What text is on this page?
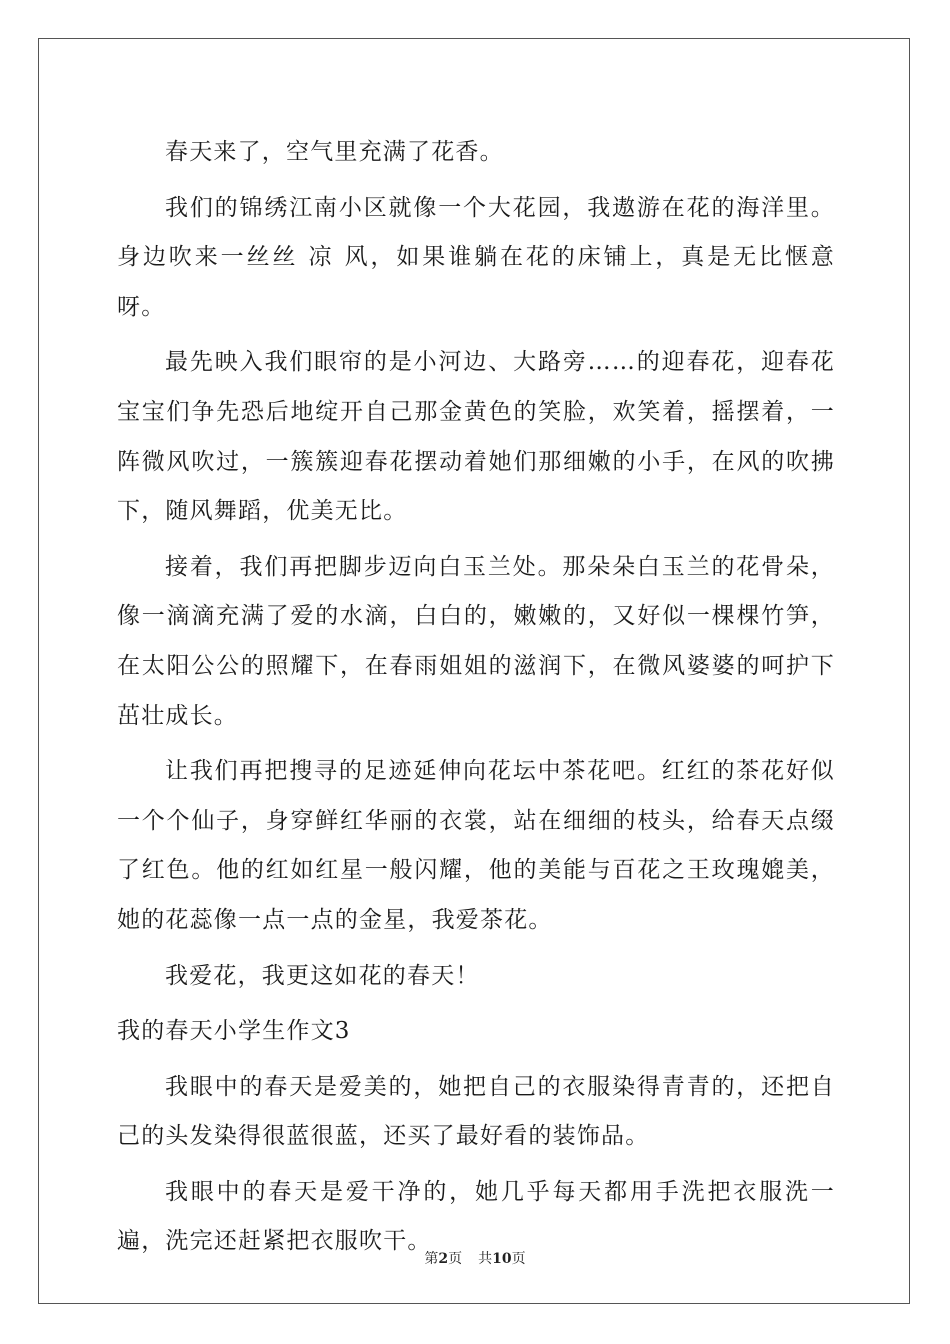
春天来了，空气里充满了花香。

我们的锦绣江南小区就像一个大花园，我遨游在花的海洋里。身边吹来一丝丝 凉 风，如果谁躺在花的床铺上，真是无比惬意呀。

最先映入我们眼帘的是小河边、大路旁……的迎春花，迎春花宝宝们争先恐后地绽开自己那金黄色的笑脸，欢笑着，摇摆着，一阵微风吹过，一簇簇迎春花摆动着她们那细嫩的小手，在风的吹拂下，随风舞蹈，优美无比。

接着，我们再把脚步迈向白玉兰处。那朵朵白玉兰的花骨朵，像一滴滴充满了爱的水滴，白白的，嫩嫩的，又好似一棵棵竹笋，在太阳公公的照耀下，在春雨姐姐的滋润下，在微风婆婆的呵护下茁壮成长。

让我们再把搜寻的足迹延伸向花坛中茶花吧。红红的茶花好似一个个仙子，身穿鲜红华丽的衣裳，站在细细的枝头，给春天点缀了红色。他的红如红星一般闪耀，他的美能与百花之王玫瑰媲美，她的花蕊像一点一点的金星，我爱茶花。

我爱花，我更这如花的春天！

我的春天小学生作文3

我眼中的春天是爱美的，她把自己的衣服染得青青的，还把自己的头发染得很蓝很蓝，还买了最好看的装饰品。

我眼中的春天是爱干净的，她几乎每天都用手洗把衣服洗一遍，洗完还赶紧把衣服吹干。

第2页 共10页
